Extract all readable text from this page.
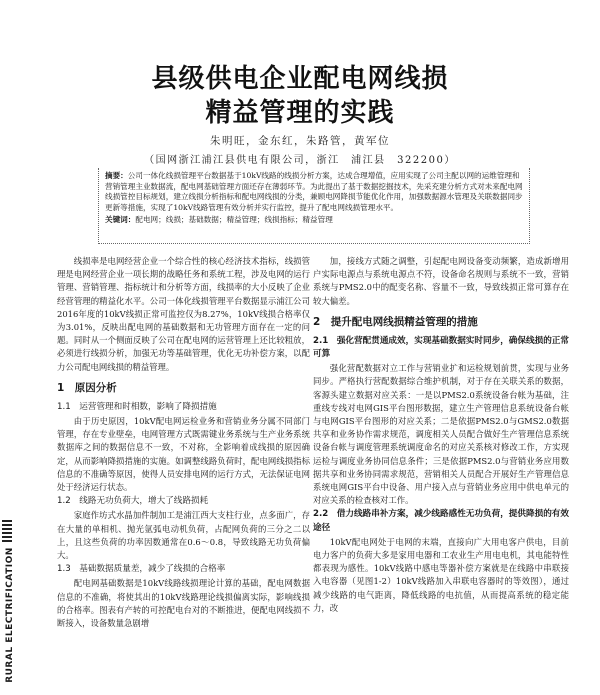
县级供电企业配电网线损
精益管理的实践
朱明旺，金东红，朱路管，黄军位
（国网浙江浦江县供电有限公司，浙江　浦江县　322200）
摘要：公司一体化线损管理平台数据基于10kV线路的线损分析方案，达成合理增值，应用实现了公司主配以网的运维管理和营销管理主业数据流，配电网基础管理方面还存在薄弱环节。为此提出了基于数据挖掘技术，先采充建分析方式对未来配电网线损管控目标规划，建立线损分析指标和配电网线损的分类，兼顾电网降损节能优化作用，加强数据源水管理及关联数据同步更新等措施，实现了10kV线路管理有效分析并实行监控，提升了配电网线损管理水平。
关键词：配电网；线损；基础数据；精益管理；线损指标；精益管理

线损率是电网经营企业一个综合性的核心经济技术指标，线损管理是电网经营企业一项长期的战略任务和系统工程，涉及电网的运行管理、营销管理、指标统计和分析等方面，线损率的大小反映了企业经营管理的精益化水平。公司一体化线损管理平台数据显示浦江公司2016年度的10kV线损正常可监控仅为8.27%，10kV线损合格率仅为3.01%，反映出配电网的基础数据和无功管理方面存在一定的问题。同时从一个侧面反映了公司在配电网的运营管理上还比较粗放，必须进行线损分析，加强无功等基础管理，优化无功补偿方案，以配力公司配电网线损的精益管理。

1　原因分析
1.1　运营管理和时相数，影响了降损措施

由于历史原因，10kV配电网运检业务和营销业务分属不同部门管理，存在专业壁垒，电网管理方式既需键业务系统与生产业务系统数据库之间的数据信息不一致，不对称，全影响着成线损的原因确定，从而影响降损措施的实施。如调整线路负荷时，配电网线损指标信息的不准确等原因，使得人员安排电网的运行方式，无法保证电网处于经济运行状态。

1.2　线路无功负荷大，增大了线路损耗

家庭作坊式水晶加件制加工是浦江西大支柱行业，点多面广，存在大量的单相机、抛光氩弧电动机负荷，占配网负荷的三分之二以上，且这些负荷的功率因数通常在0.6～0.8，导致线路无功负荷偏大。

1.3　基础数据质量差，减少了线损的合格率

配电网基础数据是10kV线路线损理论计算的基础，配电网数据信息的不准确，将使其出的10kV线路理论线损偏离实际，影响线损的合格率。图表有产转的可控配电台对的不断推进，便配电网线损不断接入，设备数量急剧增

加，接线方式随之调整，引起配电网设备变动频繁，造成新增用户实际电源点与系统电源点不符，设备命名规则与系统不一致，营销系统与PMS2.0中的配变名称、容量不一致，导致线损正常可算存在较大偏差。

2　提升配电网线损精益管理的措施
2.1　强化营配贯通成效，实现基础数据实时同步，确保线损的正常可算

强化营配数据对立工作与营销业扩和运检规划前贯，实现与业务同步。严格执行营配数据综合维护机制，对于存在关联关系的数据，客源头建立数据对应关系：一是以PMS2.0系统设备台帐为基础，注重线专线对电网GIS平台图形数据，建立生产管理信息系统设备台帐与电网GIS平台图形的对应关系；二是依据PMS2.0与GMS2.0数据共享和业务协作需求规范，调度相关人员配合做好生产管理信息系统设备台帐与调度管理系统调度命名的对应关系核对修改工作，方实现运检与调度业务协同信息条件；三是依据PMS2.0与营销业务应用数据共享和业务协同需求规范，营销相关人员配合开展好生产管理信息系统电网GIS平台中设备、用户接入点与营销业务应用中供电单元的对应关系的检查核对工作。

2.2　借力线路串补方案，减少线路感性无功负荷，提供降损的有效途径

10kV配电网处于电网的末端，直接向广大用电客户供电，目前电力客户的负荷大多是家用电器和工农业生产用电电机，其电能特性都表现为感性。10kV线路中感电等器补偿方案就是在线路中串联接入电容器（见图1-2）10kV线路加入串联电容器时的等效图），通过减少线路的电气距离，降低线路的电抗值，从而提高系统的稳定能力，改

RURAL ELECTRIFICATION
